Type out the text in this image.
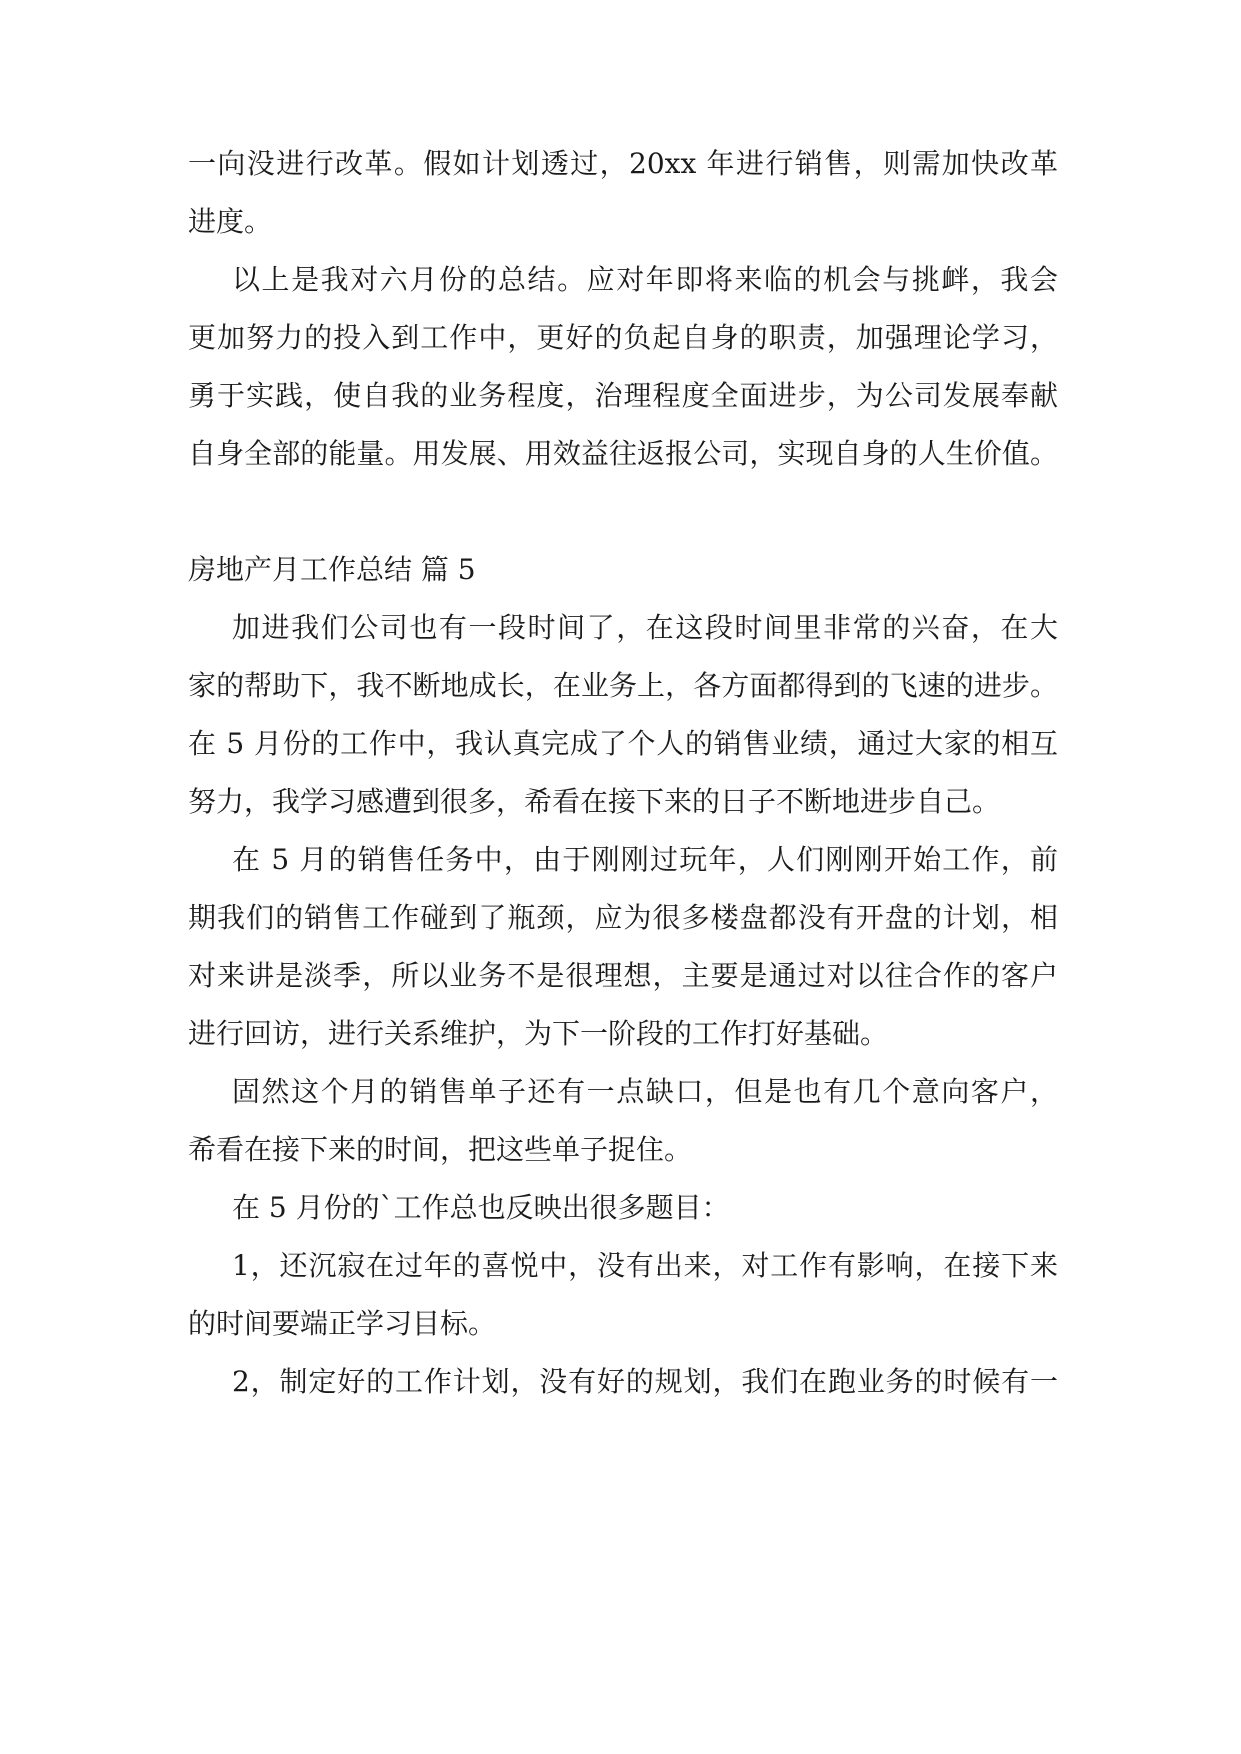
一向没进行改革。假如计划透过，20xx 年进行销售，则需加快改革
进度。
以上是我对六月份的总结。应对年即将来临的机会与挑衅，我会
更加努力的投入到工作中，更好的负起自身的职责，加强理论学习，
勇于实践，使自我的业务程度，治理程度全面进步，为公司发展奉献
自身全部的能量。用发展、用效益往返报公司，实现自身的人生价值。
房地产月工作总结 篇 5
加进我们公司也有一段时间了，在这段时间里非常的兴奋，在大
家的帮助下，我不断地成长，在业务上，各方面都得到的飞速的进步。
在 5 月份的工作中，我认真完成了个人的销售业绩，通过大家的相互
努力，我学习感遭到很多，希看在接下来的日子不断地进步自己。
在 5 月的销售任务中，由于刚刚过玩年，人们刚刚开始工作，前
期我们的销售工作碰到了瓶颈，应为很多楼盘都没有开盘的计划，相
对来讲是淡季，所以业务不是很理想，主要是通过对以往合作的客户
进行回访，进行关系维护，为下一阶段的工作打好基础。
固然这个月的销售单子还有一点缺口，但是也有几个意向客户，
希看在接下来的时间，把这些单子捉住。
在 5 月份的`工作总也反映出很多题目：
1，还沉寂在过年的喜悦中，没有出来，对工作有影响，在接下来
的时间要端正学习目标。
2，制定好的工作计划，没有好的规划，我们在跑业务的时候有一
